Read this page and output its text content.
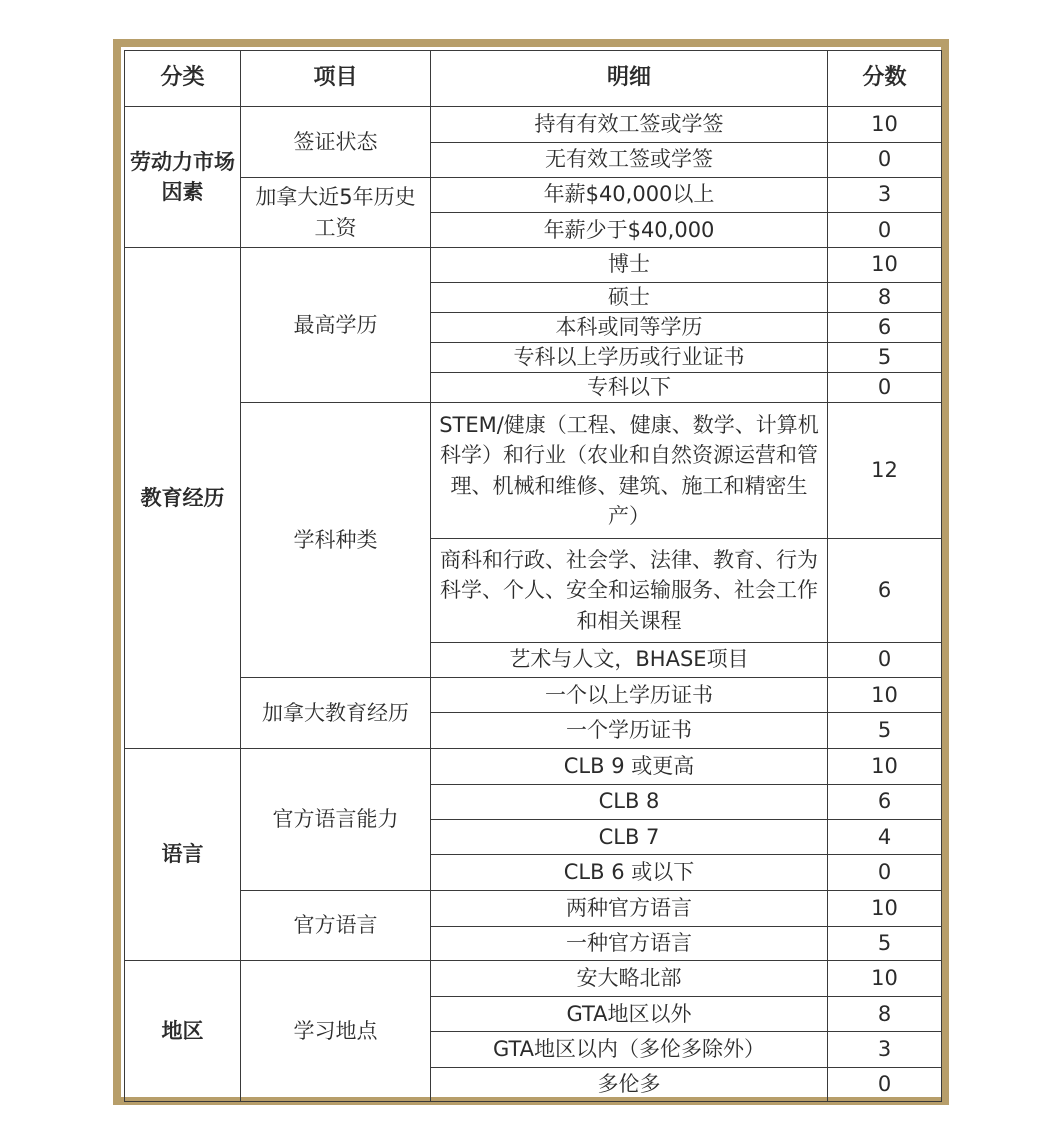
分类	项目	明细	分数
劳动力市场因素	签证状态	持有有效工签或学签	10
		无有效工签或学签	0
	加拿大近5年历史工资	年薪$40,000以上	3
		年薪少于$40,000	0
教育经历	最高学历	博士	10
		硕士	8
		本科或同等学历	6
		专科以上学历或行业证书	5
		专科以下	0
	学科种类	STEM/健康（工程、健康、数学、计算机科学）和行业（农业和自然资源运营和管理、机械和维修、建筑、施工和精密生产）	12
		商科和行政、社会学、法律、教育、行为科学、个人、安全和运输服务、社会工作和相关课程	6
		艺术与人文，BHASE项目	0
	加拿大教育经历	一个以上学历证书	10
		一个学历证书	5
语言	官方语言能力	CLB 9 或更高	10
		CLB 8	6
		CLB 7	4
		CLB 6 或以下	0
	官方语言	两种官方语言	10
		一种官方语言	5
地区	学习地点	安大略北部	10
		GTA地区以外	8
		GTA地区以内（多伦多除外）	3
		多伦多	0
